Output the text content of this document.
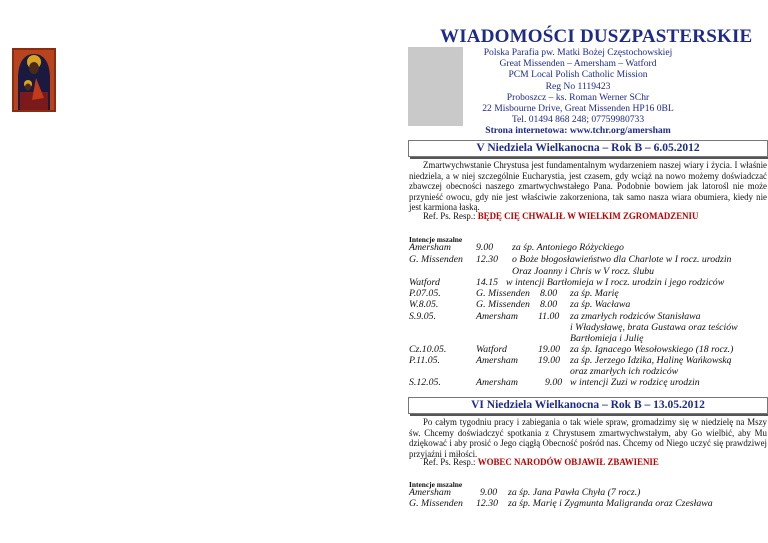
WIADOMOŚCI DUSZPASTERSKIE
Polska Parafia pw. Matki Bożej Częstochowskiej
Great Missenden – Amersham – Watford
PCM Local Polish Catholic Mission
Reg No 1119423
Proboszcz – ks. Roman Werner SChr
22 Misbourne Drive, Great Missenden HP16 0BL
Tel. 01494 868 248; 07759980733
Strona internetowa: www.tchr.org/amersham
V Niedziela Wielkanocna – Rok B – 6.05.2012
Zmartwychwstanie Chrystusa jest fundamentalnym wydarzeniem naszej wiary i życia. I właśnie niedziela, a w niej szczególnie Eucharystia, jest czasem, gdy wciąż na nowo możemy doświadczać zbawczej obecności naszego zmartwychwstałego Pana. Podobnie bowiem jak latorośl nie może przynieść owocu, gdy nie jest właściwie zakorzeniona, tak samo nasza wiara obumiera, kiedy nie jest karmiona łaską.
Ref. Ps. Resp.: BĘDĘ CIĘ CHWALIŁ W WIELKIM ZGROMADZENIU
Intencje mszalne
Amersham	9.00	za śp. Antoniego Różyckiego
G. Missenden 12.30 o Boże błogosławieństwo dla Charlote w I rocz. urodzin
Oraz Joanny i Chris w V rocz. ślubu
Watford	14.15 w intencji Bartłomieja w I rocz. urodzin i jego rodziców
P.07.05.	G. Missenden 8.00 za śp. Marię
W.8.05.	G. Missenden 8.00 za śp. Wacława
S.9.05.	Amersham 11.00 za zmarłych rodziców Stanisława
i Władysławę, brata Gustawa oraz teściów
Bartłomieja i Julię
Cz.10.05.	Watford	19.00 za śp. Ignacego Wesołowskiego (18 rocz.)
P.11.05.	Amersham 19.00 za śp. Jerzego Idzika, Halinę Wańkowską
oraz zmarłych ich rodziców
S.12.05.	Amersham	9.00 w intencji Zuzi w rodzicę urodzin
VI Niedziela Wielkanocna – Rok B – 13.05.2012
Po całym tygodniu pracy i zabiegania o tak wiele spraw, gromadzimy się w niedzielę na Mszy św. Chcemy doświadczyć spotkania z Chrystusem zmartwychwstałym, aby Go wielbić, aby Mu dziękować i aby prosić o Jego ciągłą Obecność pośród nas. Chcemy od Niego uczyć się prawdziwej przyjaźni i miłości.
Ref. Ps. Resp.: WOBEC NARODÓW OBJAWIŁ ZBAWIENIE
Intencje mszalne
Amersham	9.00 za śp. Jana Pawła Chyła (7 rocz.)
G. Missenden 12.30 za śp. Marię i Zygmunta Maligranda oraz Czesława
